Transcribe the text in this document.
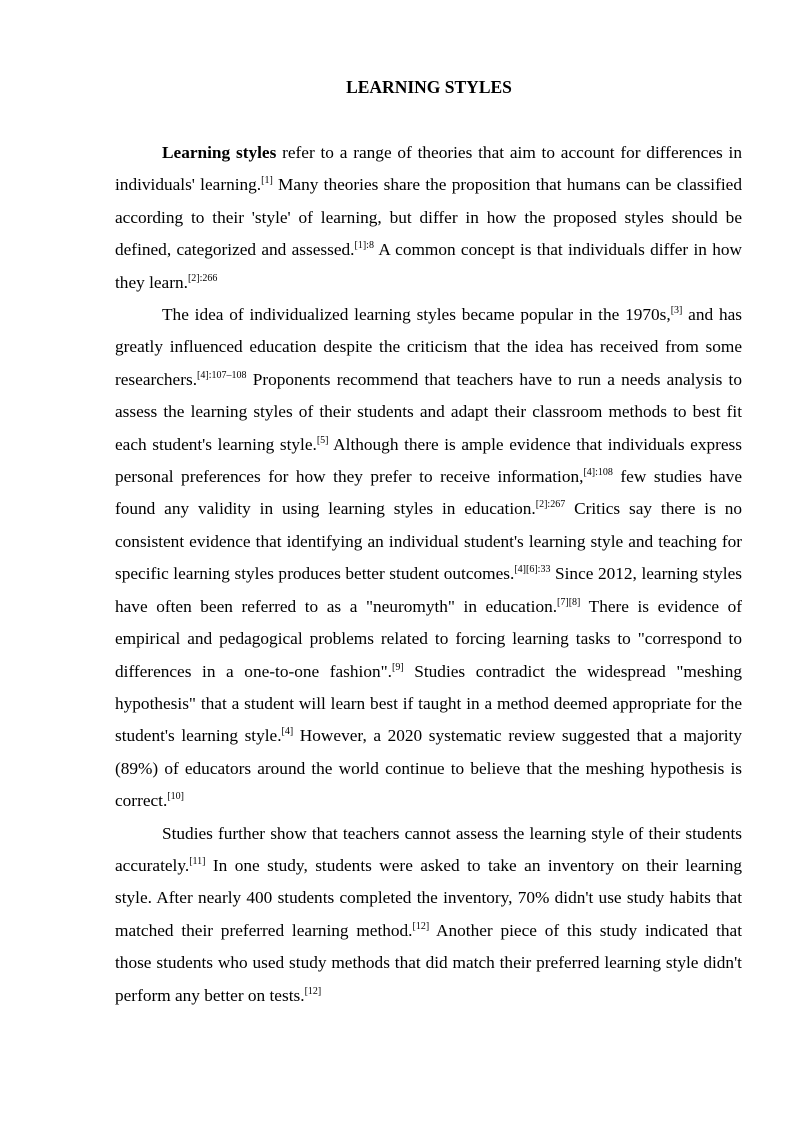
LEARNING STYLES

Learning styles refer to a range of theories that aim to account for differences in individuals' learning.[1] Many theories share the proposition that humans can be classified according to their 'style' of learning, but differ in how the proposed styles should be defined, categorized and assessed.$^{[1]:8}$ A common concept is that individuals differ in how they learn.$^{[2]:266}$

The idea of individualized learning styles became popular in the 1970s,[3] and has greatly influenced education despite the criticism that the idea has received from some researchers.$^{[4]:107-108}$ Proponents recommend that teachers have to run a needs analysis to assess the learning styles of their students and adapt their classroom methods to best fit each student's learning style.[5] Although there is ample evidence that individuals express personal preferences for how they prefer to receive information,$^{[4]:108}$ few studies have found any validity in using learning styles in education.$^{[2]:267}$ Critics say there is no consistent evidence that identifying an individual student's learning style and teaching for specific learning styles produces better student outcomes.$^{[4][6]:33}$ Since 2012, learning styles have often been referred to as a "neuromyth" in education.[7][8] There is evidence of empirical and pedagogical problems related to forcing learning tasks to "correspond to differences in a one-to-one fashion".[9] Studies contradict the widespread "meshing hypothesis" that a student will learn best if taught in a method deemed appropriate for the student's learning style.[4] However, a 2020 systematic review suggested that a majority (89%) of educators around the world continue to believe that the meshing hypothesis is correct.[10]

Studies further show that teachers cannot assess the learning style of their students accurately.[11] In one study, students were asked to take an inventory on their learning style. After nearly 400 students completed the inventory, 70% didn't use study habits that matched their preferred learning method.[12] Another piece of this study indicated that those students who used study methods that did match their preferred learning style didn't perform any better on tests.[12]
